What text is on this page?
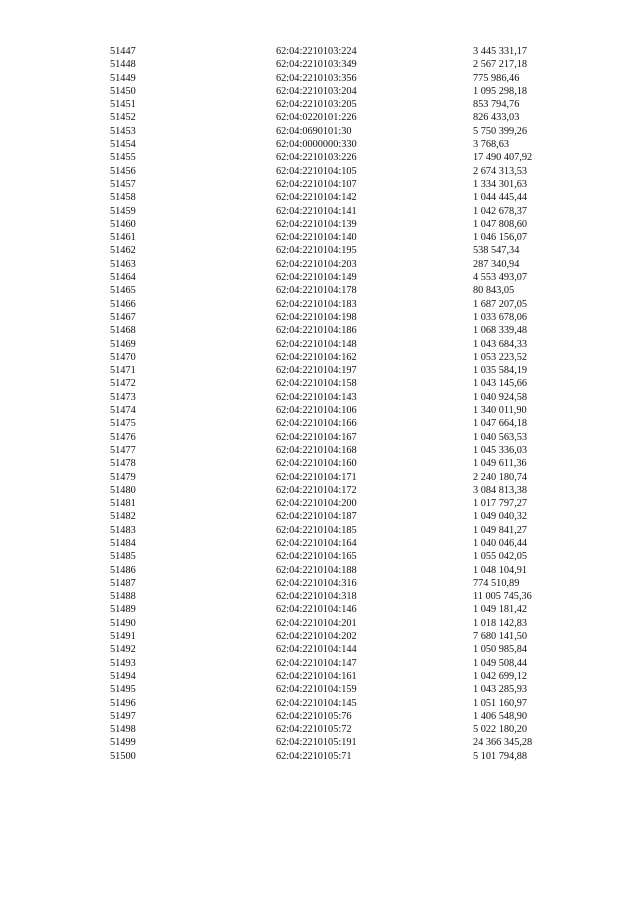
51447	62:04:2210103:224	3 445 331,17
51448	62:04:2210103:349	2 567 217,18
51449	62:04:2210103:356	775 986,46
51450	62:04:2210103:204	1 095 298,18
51451	62:04:2210103:205	853 794,76
51452	62:04:0220101:226	826 433,03
51453	62:04:0690101:30	5 750 399,26
51454	62:04:0000000:330	3 768,63
51455	62:04:2210103:226	17 490 407,92
51456	62:04:2210104:105	2 674 313,53
51457	62:04:2210104:107	1 334 301,63
51458	62:04:2210104:142	1 044 445,44
51459	62:04:2210104:141	1 042 678,37
51460	62:04:2210104:139	1 047 808,60
51461	62:04:2210104:140	1 046 156,07
51462	62:04:2210104:195	538 547,34
51463	62:04:2210104:203	287 340,94
51464	62:04:2210104:149	4 553 493,07
51465	62:04:2210104:178	80 843,05
51466	62:04:2210104:183	1 687 207,05
51467	62:04:2210104:198	1 033 678,06
51468	62:04:2210104:186	1 068 339,48
51469	62:04:2210104:148	1 043 684,33
51470	62:04:2210104:162	1 053 223,52
51471	62:04:2210104:197	1 035 584,19
51472	62:04:2210104:158	1 043 145,66
51473	62:04:2210104:143	1 040 924,58
51474	62:04:2210104:106	1 340 011,90
51475	62:04:2210104:166	1 047 664,18
51476	62:04:2210104:167	1 040 563,53
51477	62:04:2210104:168	1 045 336,03
51478	62:04:2210104:160	1 049 611,36
51479	62:04:2210104:171	2 240 180,74
51480	62:04:2210104:172	3 084 813,38
51481	62:04:2210104:200	1 017 797,27
51482	62:04:2210104:187	1 049 040,32
51483	62:04:2210104:185	1 049 841,27
51484	62:04:2210104:164	1 040 046,44
51485	62:04:2210104:165	1 055 042,05
51486	62:04:2210104:188	1 048 104,91
51487	62:04:2210104:316	774 510,89
51488	62:04:2210104:318	11 005 745,36
51489	62:04:2210104:146	1 049 181,42
51490	62:04:2210104:201	1 018 142,83
51491	62:04:2210104:202	7 680 141,50
51492	62:04:2210104:144	1 050 985,84
51493	62:04:2210104:147	1 049 508,44
51494	62:04:2210104:161	1 042 699,12
51495	62:04:2210104:159	1 043 285,93
51496	62:04:2210104:145	1 051 160,97
51497	62:04:2210105:76	1 406 548,90
51498	62:04:2210105:72	5 022 180,20
51499	62:04:2210105:191	24 366 345,28
51500	62:04:2210105:71	5 101 794,88
